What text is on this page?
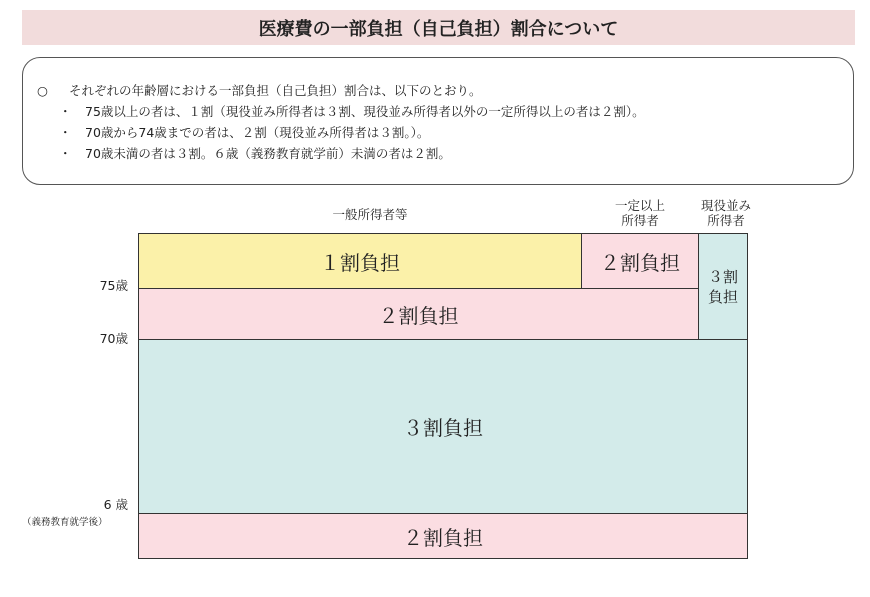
医療費の一部負担（自己負担）割合について
○ それぞれの年齢層における一部負担（自己負担）割合は、以下のとおり。
・ 75歳以上の者は、１割（現役並み所得者は３割、現役並み所得者以外の一定所得以上の者は２割）。
・ 70歳から74歳までの者は、２割（現役並み所得者は３割。）。
・ 70歳未満の者は３割。６歳（義務教育就学前）未満の者は２割。
一般所得者等
一定以上
所得者
現役並み
所得者
１割負担	２割負担
３割
負担
２割負担
３割負担
２割負担
75歳
70歳
6 歳
（義務教育就学後）
